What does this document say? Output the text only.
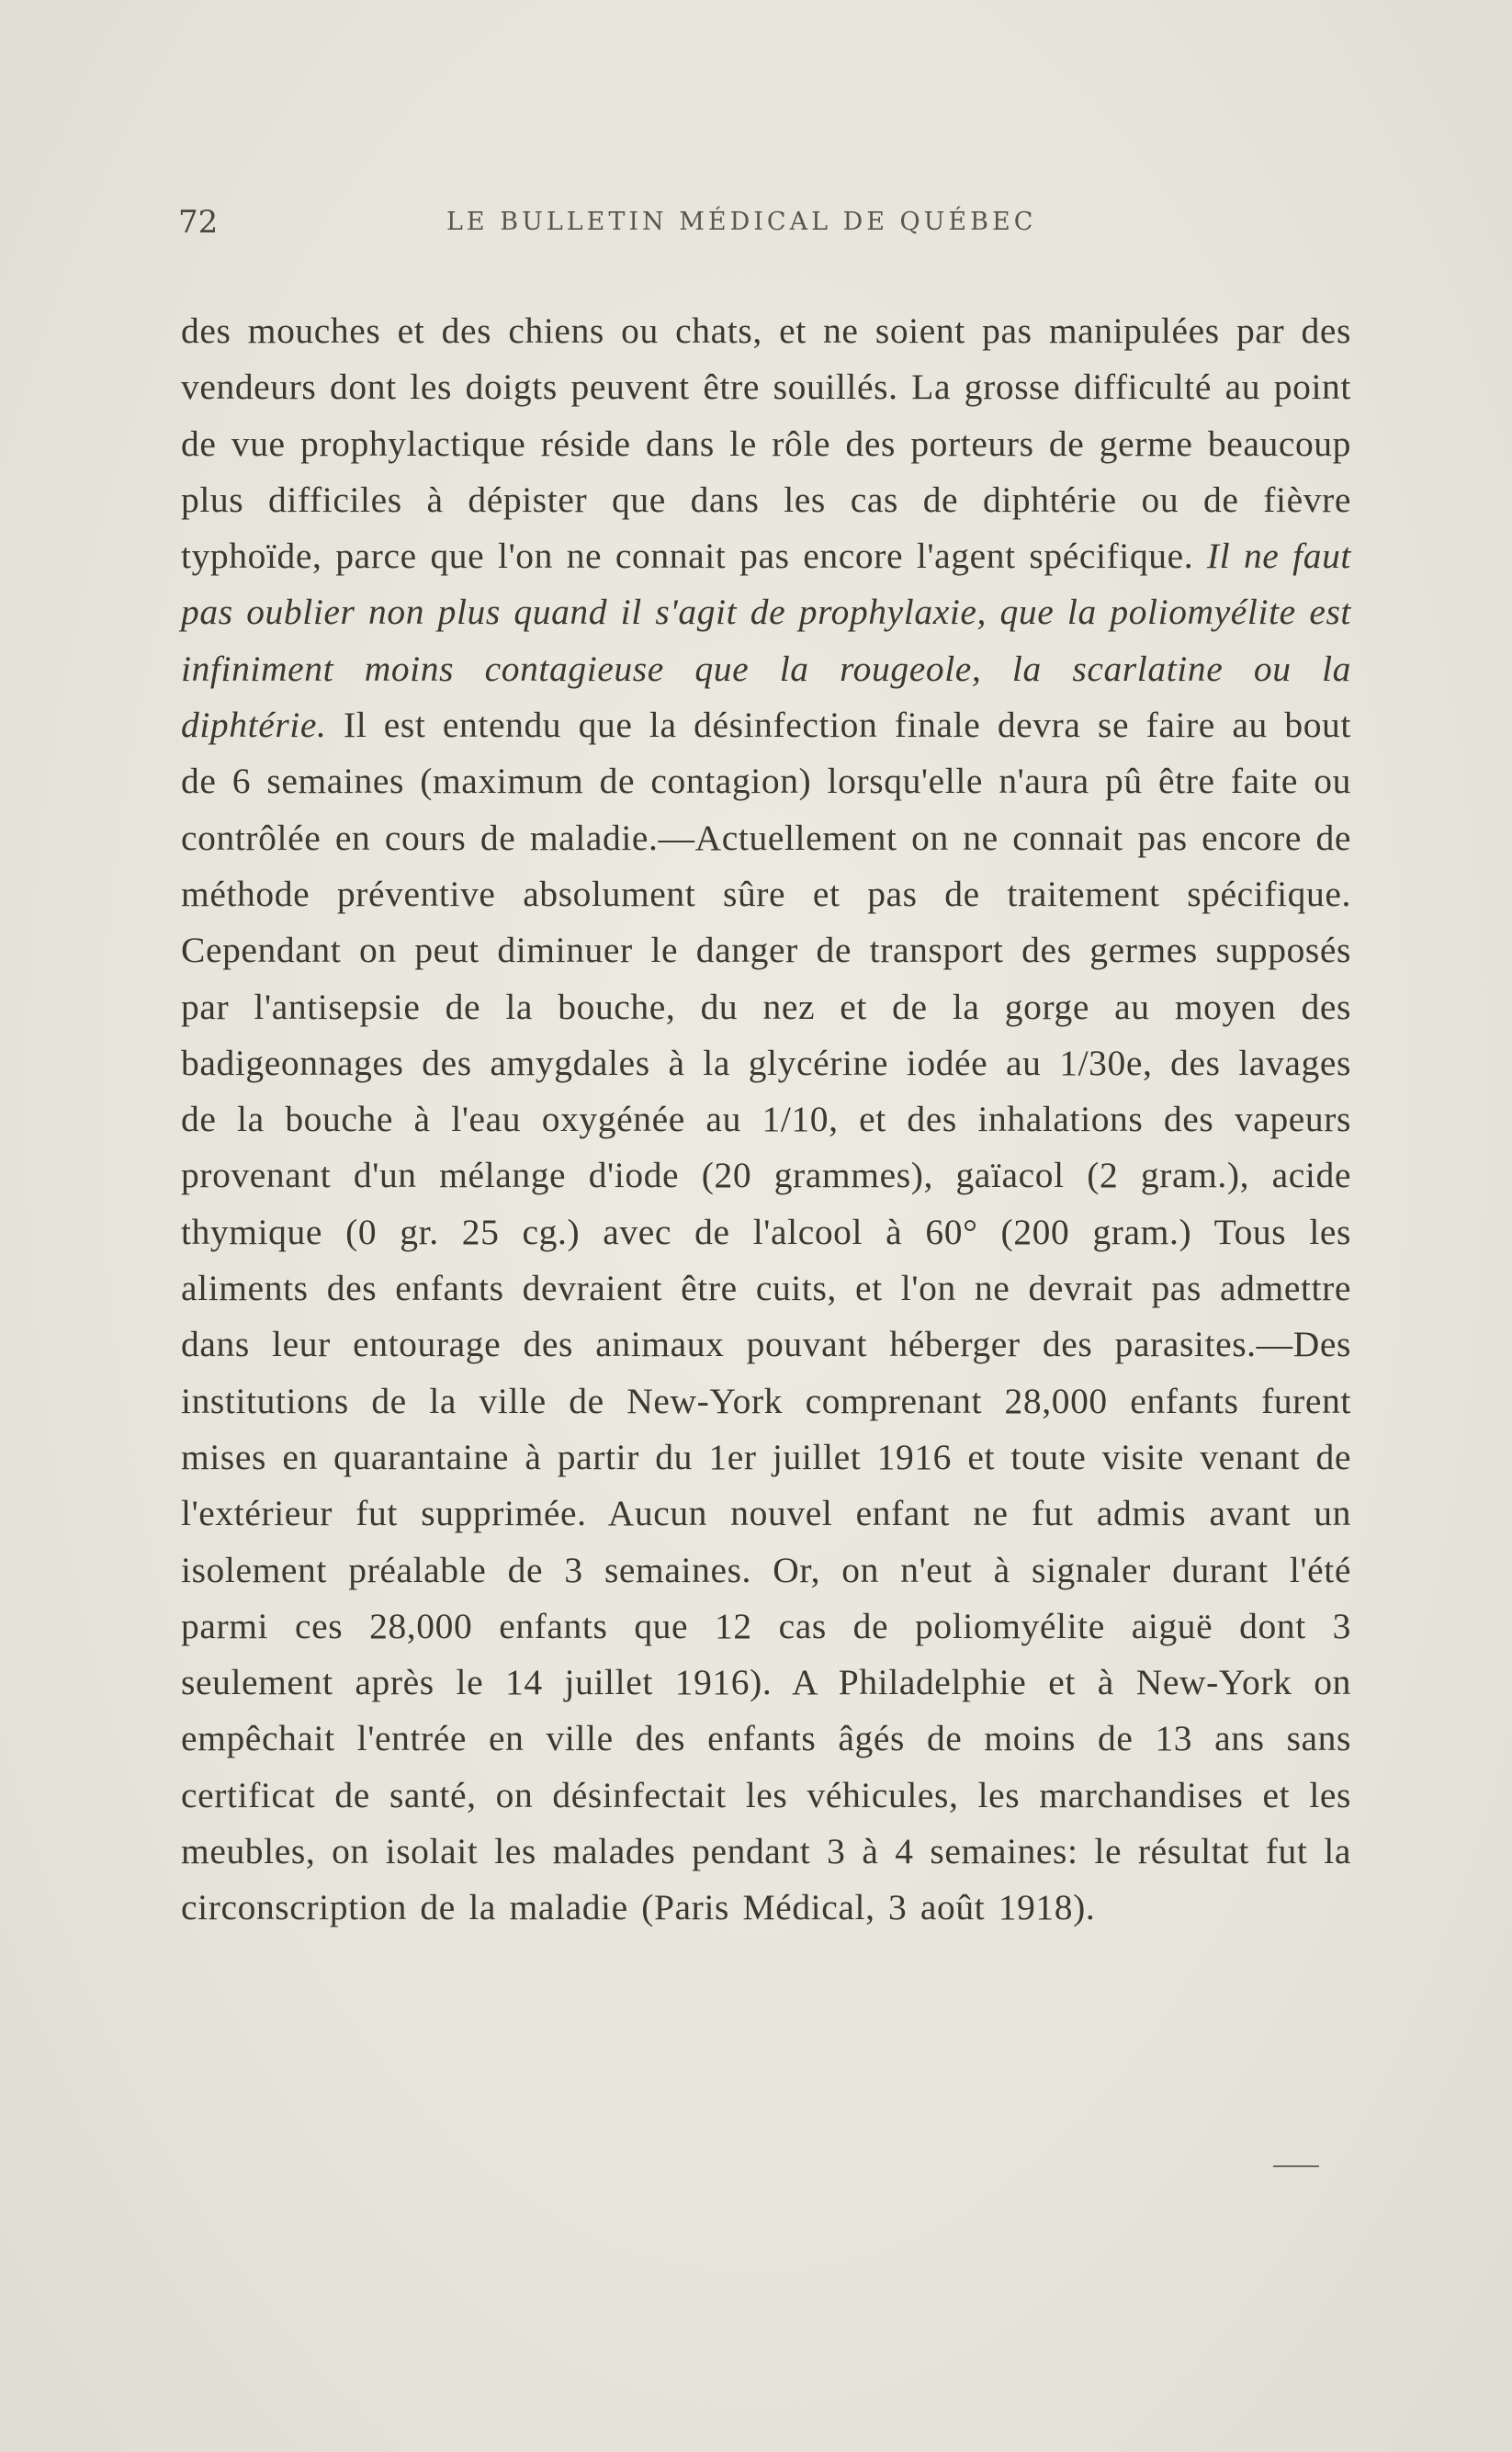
72	LE BULLETIN MÉDICAL DE QUÉBEC
des mouches et des chiens ou chats, et ne soient pas manipulées par des vendeurs dont les doigts peuvent être souillés. La grosse difficulté au point de vue prophylactique réside dans le rôle des porteurs de germe beaucoup plus difficiles à dépister que dans les cas de diphtérie ou de fièvre typhoïde, parce que l'on ne connait pas encore l'agent spécifique. Il ne faut pas oublier non plus quand il s'agit de prophylaxie, que la poliomyélite est infiniment moins contagieuse que la rougeole, la scarlatine ou la diphtérie. Il est entendu que la désinfection finale devra se faire au bout de 6 semaines (maximum de contagion) lorsqu'elle n'aura pû être faite ou contrôlée en cours de maladie.—Actuellement on ne connait pas encore de méthode préventive absolument sûre et pas de traitement spécifique. Cependant on peut diminuer le danger de transport des germes supposés par l'antisepsie de la bouche, du nez et de la gorge au moyen des badigeonnages des amygdales à la glycérine iodée au 1/30e, des lavages de la bouche à l'eau oxygénée au 1/10, et des inhalations des vapeurs provenant d'un mélange d'iode (20 grammes), gaïacol (2 gram.), acide thymique (0 gr. 25 cg.) avec de l'alcool à 60° (200 gram.) Tous les aliments des enfants devraient être cuits, et l'on ne devrait pas admettre dans leur entourage des animaux pouvant héberger des parasites.—Des institutions de la ville de New-York comprenant 28,000 enfants furent mises en quarantaine à partir du 1er juillet 1916 et toute visite venant de l'extérieur fut supprimée. Aucun nouvel enfant ne fut admis avant un isolement préalable de 3 semaines. Or, on n'eut à signaler durant l'été parmi ces 28,000 enfants que 12 cas de poliomyélite aiguë dont 3 seulement après le 14 juillet 1916). A Philadelphie et à New-York on empêchait l'entrée en ville des enfants âgés de moins de 13 ans sans certificat de santé, on désinfectait les véhicules, les marchandises et les meubles, on isolait les malades pendant 3 à 4 semaines: le résultat fut la circonscription de la maladie (Paris Médical, 3 août 1918).
